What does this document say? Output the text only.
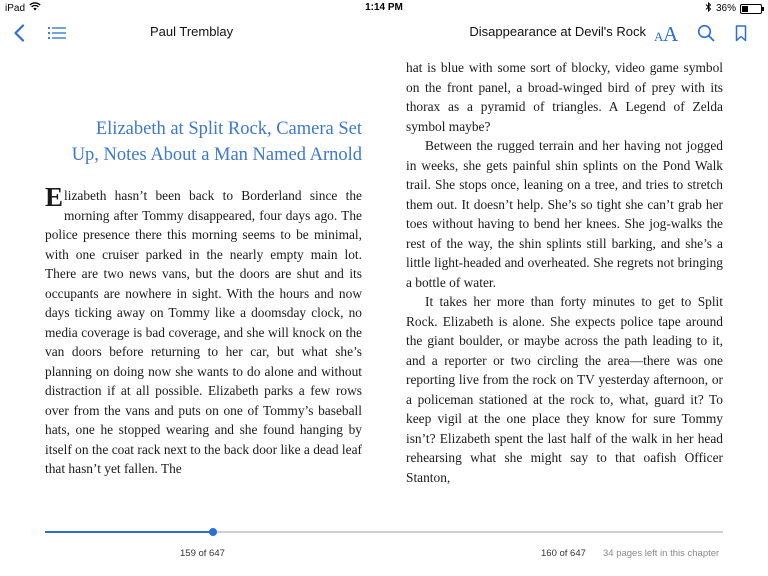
iPad	1:14 PM	36%
Paul Tremblay	Disappearance at Devil's Rock A A
Elizabeth at Split Rock, Camera Set
Up, Notes About a Man Named Arnold

Elizabeth hasn’t been back to Borderland since the morning after Tommy disappeared, four days ago. The police presence there this morning seems to be minimal, with one cruiser parked in the nearly empty main lot. There are two news vans, but the doors are shut and its occupants are nowhere in sight. With the hours and now days ticking away on Tommy like a doomsday clock, no media coverage is bad coverage, and she will knock on the van doors before returning to her car, but what she’s planning on doing now she wants to do alone and without distraction if at all possible. Elizabeth parks a few rows over from the vans and puts on one of Tommy’s baseball hats, one he stopped wearing and she found hanging by itself on the coat rack next to the back door like a dead leaf that hasn’t yet fallen. The

hat is blue with some sort of blocky, video game symbol on the front panel, a broad-winged bird of prey with its thorax as a pyramid of triangles. A Legend of Zelda symbol maybe?

Between the rugged terrain and her having not jogged in weeks, she gets painful shin splints on the Pond Walk trail. She stops once, leaning on a tree, and tries to stretch them out. It doesn’t help. She’s so tight she can’t grab her toes without having to bend her knees. She jog-walks the rest of the way, the shin splints still barking, and she’s a little light-headed and overheated. She regrets not bringing a bottle of water.

It takes her more than forty minutes to get to Split Rock. Elizabeth is alone. She expects police tape around the giant boulder, or maybe across the path leading to it, and a reporter or two circling the area—there was one reporting live from the rock on TV yesterday afternoon, or a policeman stationed at the rock to, what, guard it? To keep vigil at the one place they know for sure Tommy isn’t? Elizabeth spent the last half of the walk in her head rehearsing what she might say to that oafish Officer Stanton,

159 of 647	160 of 647 34 pages left in this chapter
